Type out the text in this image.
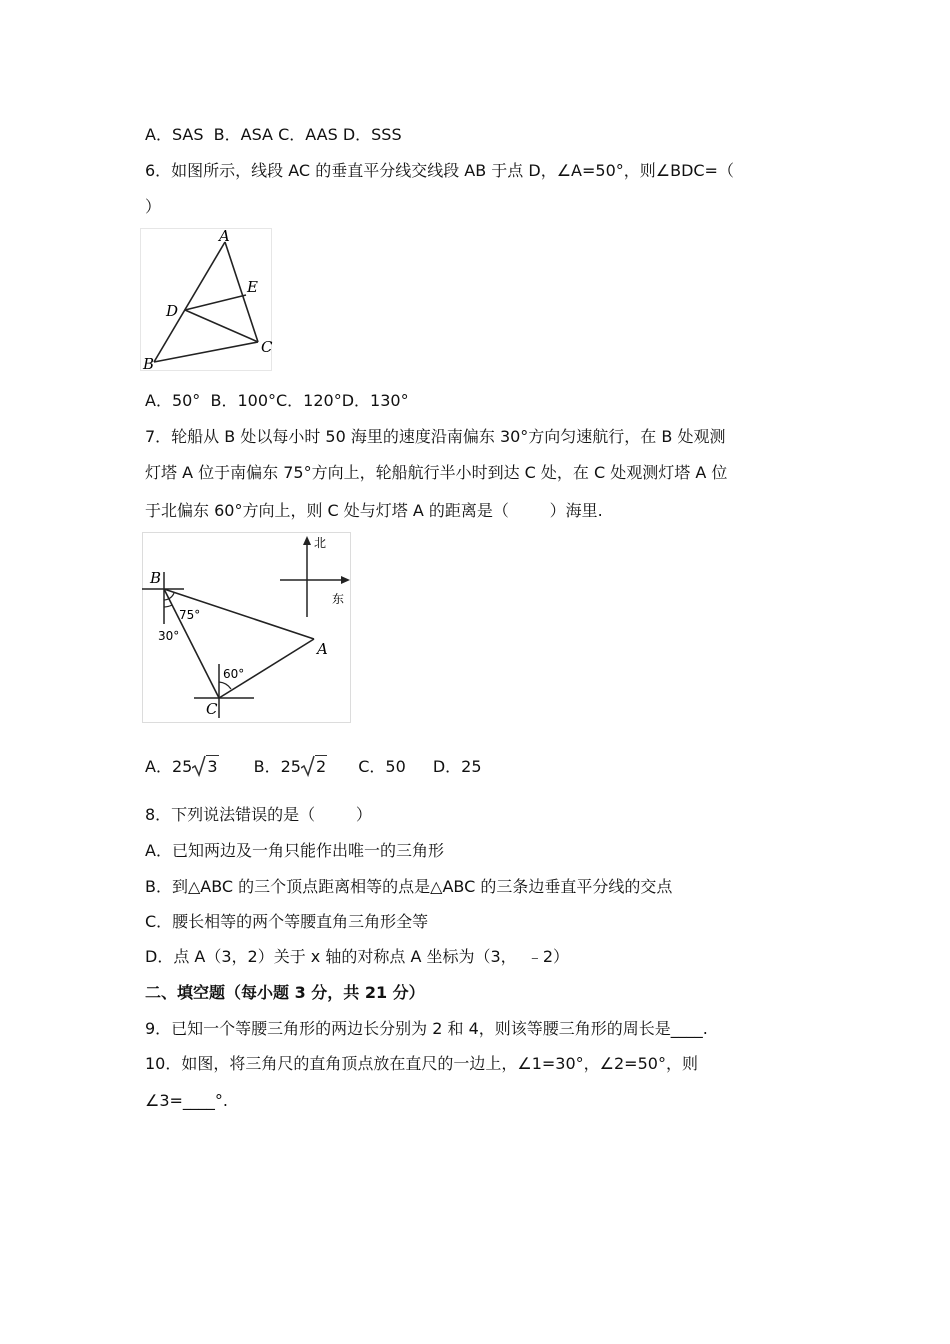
A．SAS  B．ASA C．AAS D．SSS
6．如图所示，线段 AC 的垂直平分线交线段 AB 于点 D，∠A=50°，则∠BDC=（
）
A
B
C
D
E
A．50°  B．100°C．120°D．130°
7．轮船从 B 处以每小时 50 海里的速度沿南偏东 30°方向匀速航行，在 B 处观测
灯塔 A 位于南偏东 75°方向上，轮船航行半小时到达 C 处，在 C 处观测灯塔 A 位
于北偏东 60°方向上，则 C 处与灯塔 A 的距离是（        ）海里.
北
东
B
C
A
75°
30°
60°
A．25 3 B．25 2 C．50 D．25
8．下列说法错误的是（        ）
A．已知两边及一角只能作出唯一的三角形
B．到△ABC 的三个顶点距离相等的点是△ABC 的三条边垂直平分线的交点
C．腰长相等的两个等腰直角三角形全等
D．点 A（3，2）关于 x 轴的对称点 A 坐标为（3，  ﹣2）
二、填空题（每小题 3 分，共 21 分）
9．已知一个等腰三角形的两边长分别为 2 和 4，则该等腰三角形的周长是____.
10．如图，将三角尺的直角顶点放在直尺的一边上，∠1=30°，∠2=50°，则
∠3=____°.
